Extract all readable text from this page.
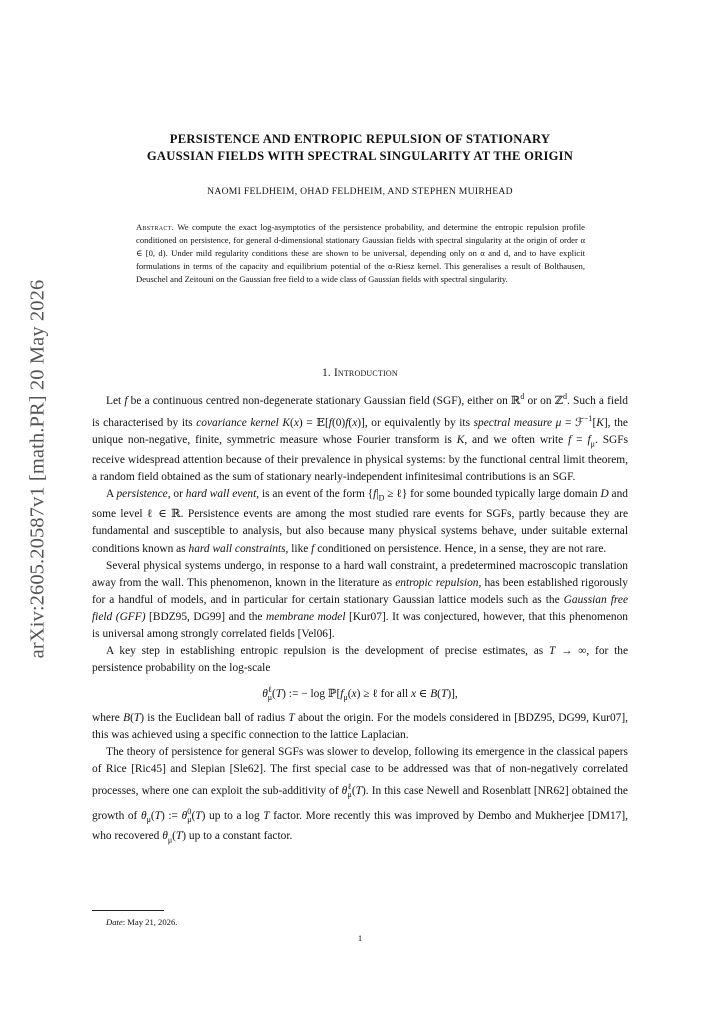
arXiv:2605.20587v1 [math.PR] 20 May 2026
PERSISTENCE AND ENTROPIC REPULSION OF STATIONARY
GAUSSIAN FIELDS WITH SPECTRAL SINGULARITY AT THE ORIGIN
NAOMI FELDHEIM, OHAD FELDHEIM, AND STEPHEN MUIRHEAD
Abstract. We compute the exact log-asymptotics of the persistence probability, and determine the entropic repulsion profile conditioned on persistence, for general d-dimensional stationary Gaussian fields with spectral singularity at the origin of order α ∈ [0, d). Under mild regularity conditions these are shown to be universal, depending only on α and d, and to have explicit formulations in terms of the capacity and equilibrium potential of the α-Riesz kernel. This generalises a result of Bolthausen, Deuschel and Zeitouni on the Gaussian free field to a wide class of Gaussian fields with spectral singularity.
1. Introduction

Let f be a continuous centred non-degenerate stationary Gaussian field (SGF), either on ℝ$^d$ or on ℤ$^d$. Such a field is characterised by its covariance kernel K(x) = 𝔼[f(0)f(x)], or equivalently by its spectral measure μ = ℱ$^{-1}$[K], the unique non-negative, finite, symmetric measure whose Fourier transform is K, and we often write $f = f_\mu$. SGFs receive widespread attention because of their prevalence in physical systems: by the functional central limit theorem, a random field obtained as the sum of stationary nearly-independent infinitesimal contributions is an SGF.

A persistence, or hard wall event, is an event of the form {$f|_D$ ≥ ℓ} for some bounded typically large domain D and some level ℓ ∈ ℝ. Persistence events are among the most studied rare events for SGFs, partly because they are fundamental and susceptible to analysis, but also because many physical systems behave, under suitable external conditions known as hard wall constraints, like f conditioned on persistence. Hence, in a sense, they are not rare.

Several physical systems undergo, in response to a hard wall constraint, a predetermined macroscopic translation away from the wall. This phenomenon, known in the literature as entropic repulsion, has been established rigorously for a handful of models, and in particular for certain stationary Gaussian lattice models such as the Gaussian free field (GFF) [BDZ95, DG99] and the membrane model [Kur07]. It was conjectured, however, that this phenomenon is universal among strongly correlated fields [Vel06].

A key step in establishing entropic repulsion is the development of precise estimates, as T → ∞, for the persistence probability on the log-scale

$\theta^\ell_\mu(T)$ := − $\log ℙ[f_\mu(x)$ ≥ ℓ for all x ∈ B(T)],

where B(T) is the Euclidean ball of radius T about the origin. For the models considered in [BDZ95, DG99, Kur07], this was achieved using a specific connection to the lattice Laplacian.

The theory of persistence for general SGFs was slower to develop, following its emergence in the classical papers of Rice [Ric45] and Slepian [Sle62]. The first special case to be addressed was that of non-negatively correlated processes, where one can exploit the sub-additivity of $\theta^\ell_\mu(T)$. In this case Newell and Rosenblatt [NR62] obtained the growth of $\theta_\mu(T)$ := $\theta^0_\mu(T)$ up to a log T factor. More recently this was improved by Dembo and Mukherjee [DM17], who recovered $\theta_\mu(T)$ up to a constant factor.

Date: May 21, 2026.
1
